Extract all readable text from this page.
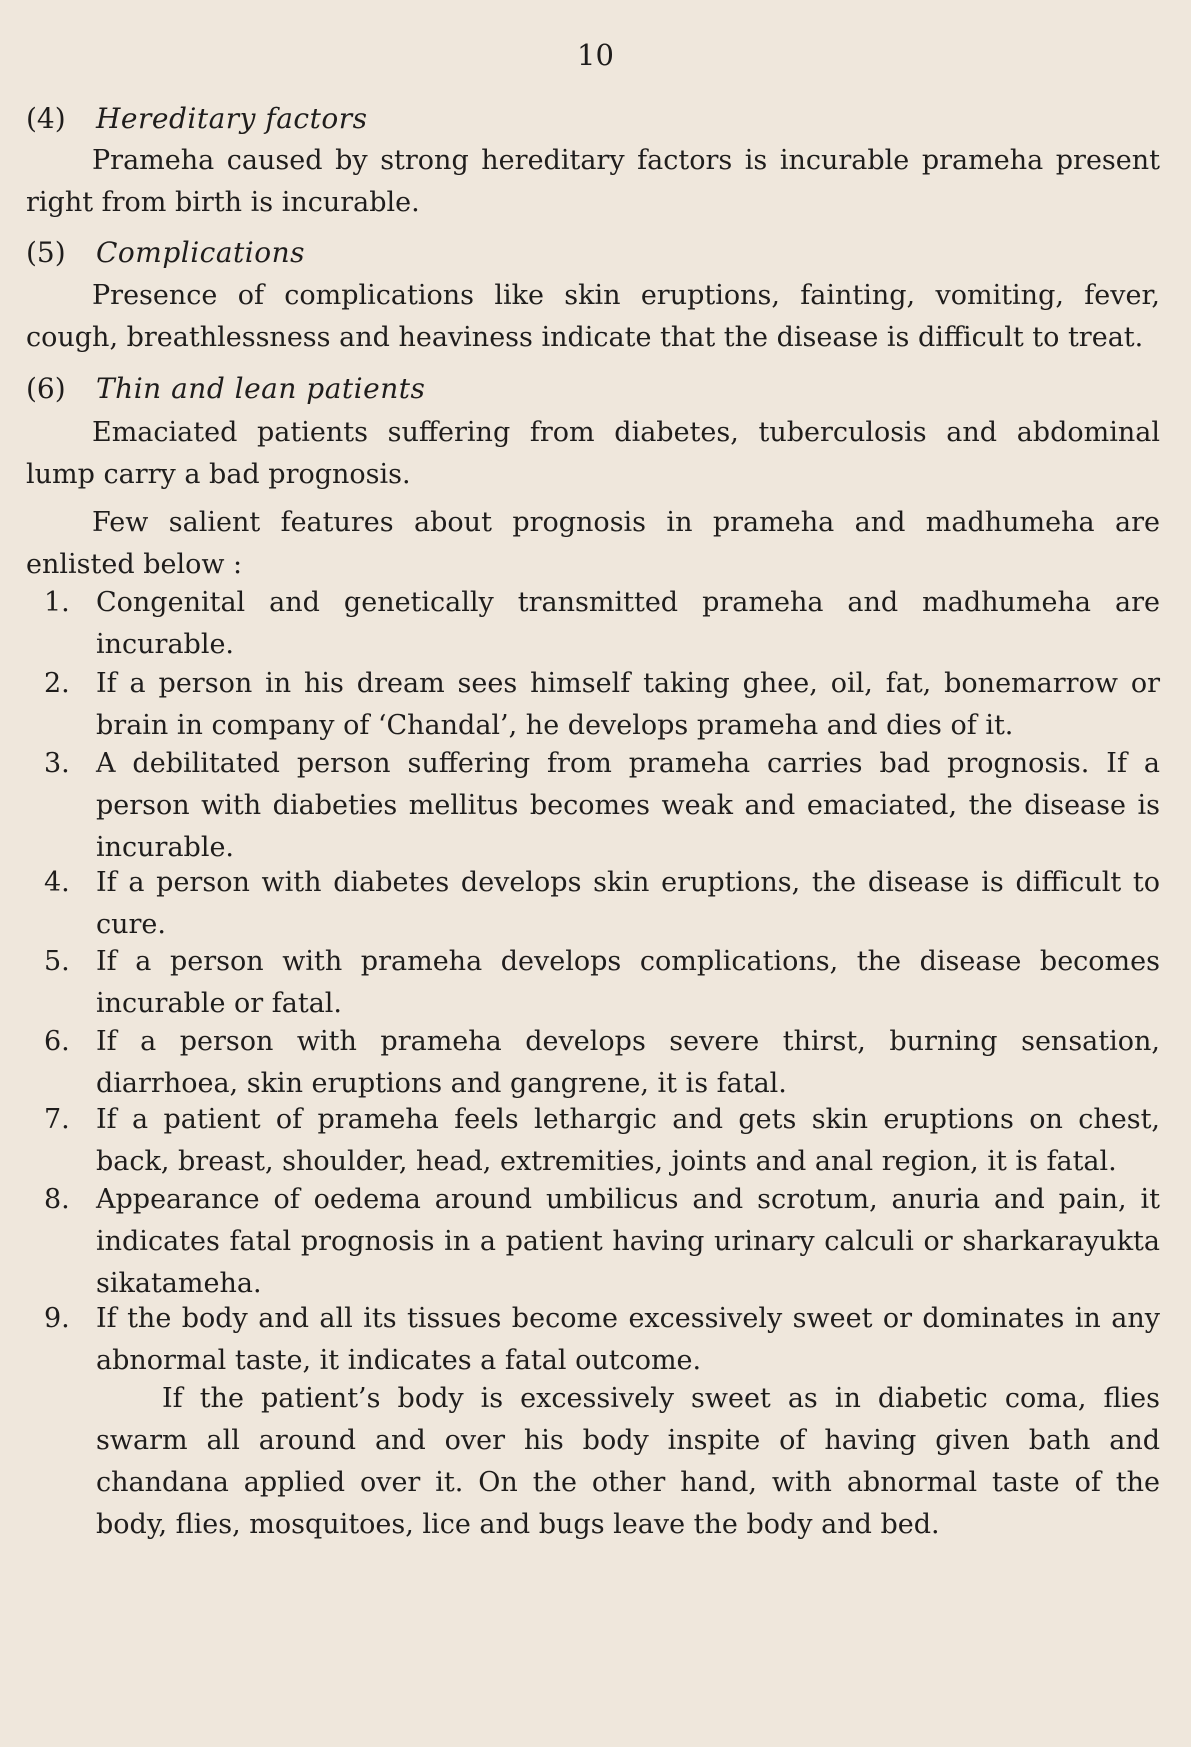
10
(4) Hereditary factors
Prameha caused by strong hereditary factors is incurable prameha present right from birth is incurable.
(5) Complications
Presence of complications like skin eruptions, fainting, vomiting, fever, cough, breathlessness and heaviness indicate that the disease is difficult to treat.
(6) Thin and lean patients
Emaciated patients suffering from diabetes, tuberculosis and abdominal lump carry a bad prognosis.
Few salient features about prognosis in prameha and madhumeha are enlisted below :
1. Congenital and genetically transmitted prameha and madhumeha are incurable.
2. If a person in his dream sees himself taking ghee, oil, fat, bonemarrow or brain in company of ‘Chandal’, he develops prameha and dies of it.
3. A debilitated person suffering from prameha carries bad prognosis. If a person with diabeties mellitus becomes weak and emaciated, the disease is incurable.
4. If a person with diabetes develops skin eruptions, the disease is difficult to cure.
5. If a person with prameha develops complications, the disease becomes incurable or fatal.
6. If a person with prameha develops severe thirst, burning sensation, diarrhoea, skin eruptions and gangrene, it is fatal.
7. If a patient of prameha feels lethargic and gets skin eruptions on chest, back, breast, shoulder, head, extremities, joints and anal region, it is fatal.
8. Appearance of oedema around umbilicus and scrotum, anuria and pain, it indicates fatal prognosis in a patient having urinary calculi or sharkarayukta sikatameha.
9. If the body and all its tissues become excessively sweet or dominates in any abnormal taste, it indicates a fatal outcome.
If the patient’s body is excessively sweet as in diabetic coma, flies swarm all around and over his body inspite of having given bath and chandana applied over it. On the other hand, with abnormal taste of the body, flies, mosquitoes, lice and bugs leave the body and bed.
